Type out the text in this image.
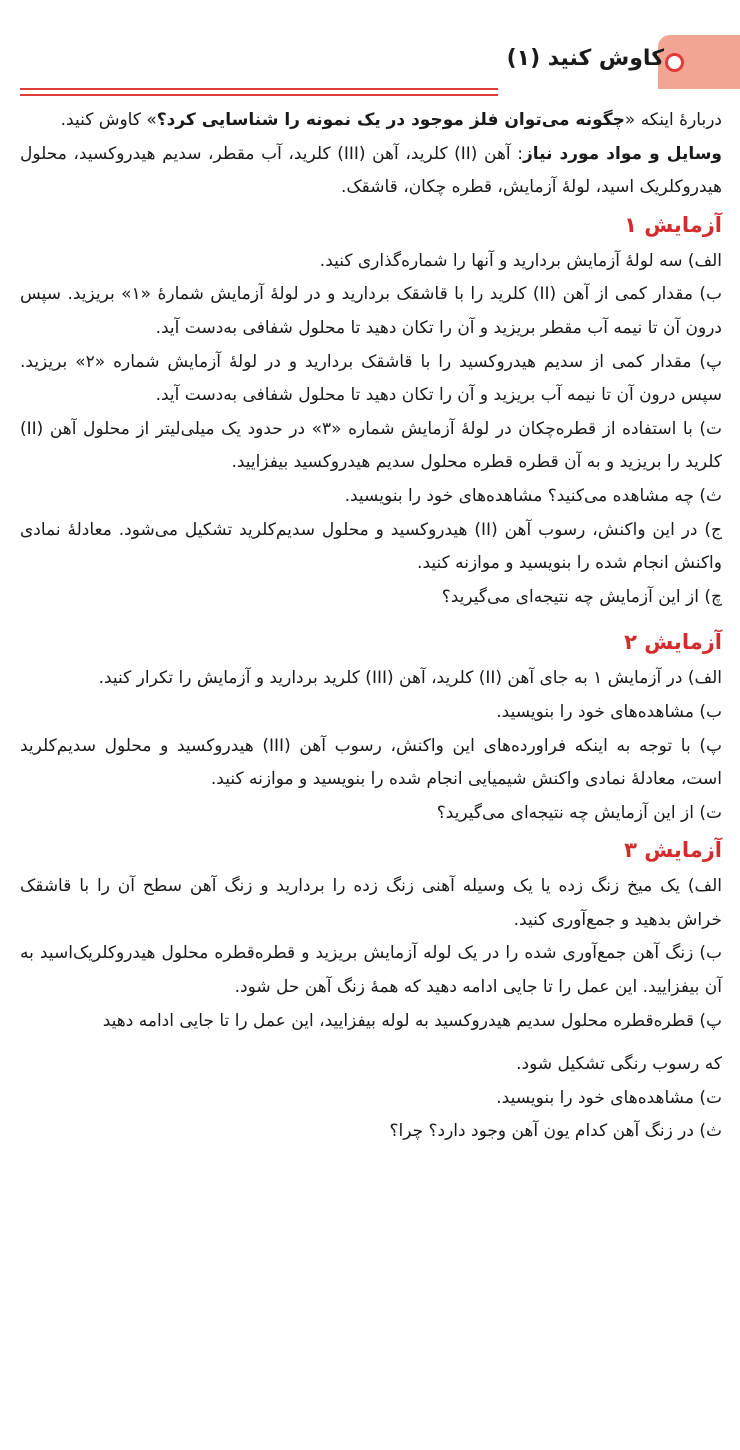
کاوش کنید (۱)

دربارهٔ اینکه «چگونه می‌توان فلز موجود در یک نمونه را شناسایی کرد؟» کاوش کنید.

وسایل و مواد مورد نیاز: آهن (II) کلرید، آهن (III) کلرید، آب مقطر، سدیم هیدروکسید، محلول هیدروکلریک اسید، لولهٔ آزمایش، قطره چکان، قاشقک.

آزمایش ۱

الف) سه لولهٔ آزمایش بردارید و آنها را شماره‌گذاری کنید.

ب) مقدار کمی از آهن (II) کلرید را با قاشقک بردارید و در لولهٔ آزمایش شمارهٔ «۱» بریزید. سپس درون آن تا نیمه آب مقطر بریزید و آن را تکان دهید تا محلول شفافی به‌دست آید.

پ) مقدار کمی از سدیم هیدروکسید را با قاشقک بردارید و در لولهٔ آزمایش شماره «۲» بریزید. سپس درون آن تا نیمه آب بریزید و آن را تکان دهید تا محلول شفافی به‌دست آید.

ت) با استفاده از قطره‌چکان در لولهٔ آزمایش شماره «۳» در حدود یک میلی‌لیتر از محلول آهن (II) کلرید را بریزید و به آن قطره قطره محلول سدیم هیدروکسید بیفزایید.

ث) چه مشاهده می‌کنید؟ مشاهده‌های خود را بنویسید.

ج) در این واکنش، رسوب آهن (II) هیدروکسید و محلول سدیم‌کلرید تشکیل می‌شود. معادلهٔ نمادی واکنش انجام شده را بنویسید و موازنه کنید.

چ) از این آزمایش چه نتیجه‌ای می‌گیرید؟

آزمایش ۲

الف) در آزمایش ۱ به جای آهن (II) کلرید، آهن (III) کلرید بردارید و آزمایش را تکرار کنید.

ب) مشاهده‌های خود را بنویسید.

پ) با توجه به اینکه فراورده‌های این واکنش، رسوب آهن (III) هیدروکسید و محلول سدیم‌کلرید است، معادلهٔ نمادی واکنش شیمیایی انجام شده را بنویسید و موازنه کنید.

ت) از این آزمایش چه نتیجه‌ای می‌گیرید؟

آزمایش ۳

الف) یک میخ زنگ زده یا یک وسیله آهنی زنگ زده را بردارید و زنگ آهن سطح آن را با قاشقک خراش بدهید و جمع‌آوری کنید.

ب) زنگ آهن جمع‌آوری شده را در یک لوله آزمایش بریزید و قطره‌قطره محلول هیدروکلریک‌اسید به آن بیفزایید. این عمل را تا جایی ادامه دهید که همهٔ زنگ آهن حل شود.

پ) قطره‌قطره محلول سدیم هیدروکسید به لوله بیفزایید، این عمل را تا جایی ادامه دهید

که رسوب رنگی تشکیل شود.

ت) مشاهده‌های خود را بنویسید.

ث) در زنگ آهن کدام یون آهن وجود دارد؟ چرا؟
